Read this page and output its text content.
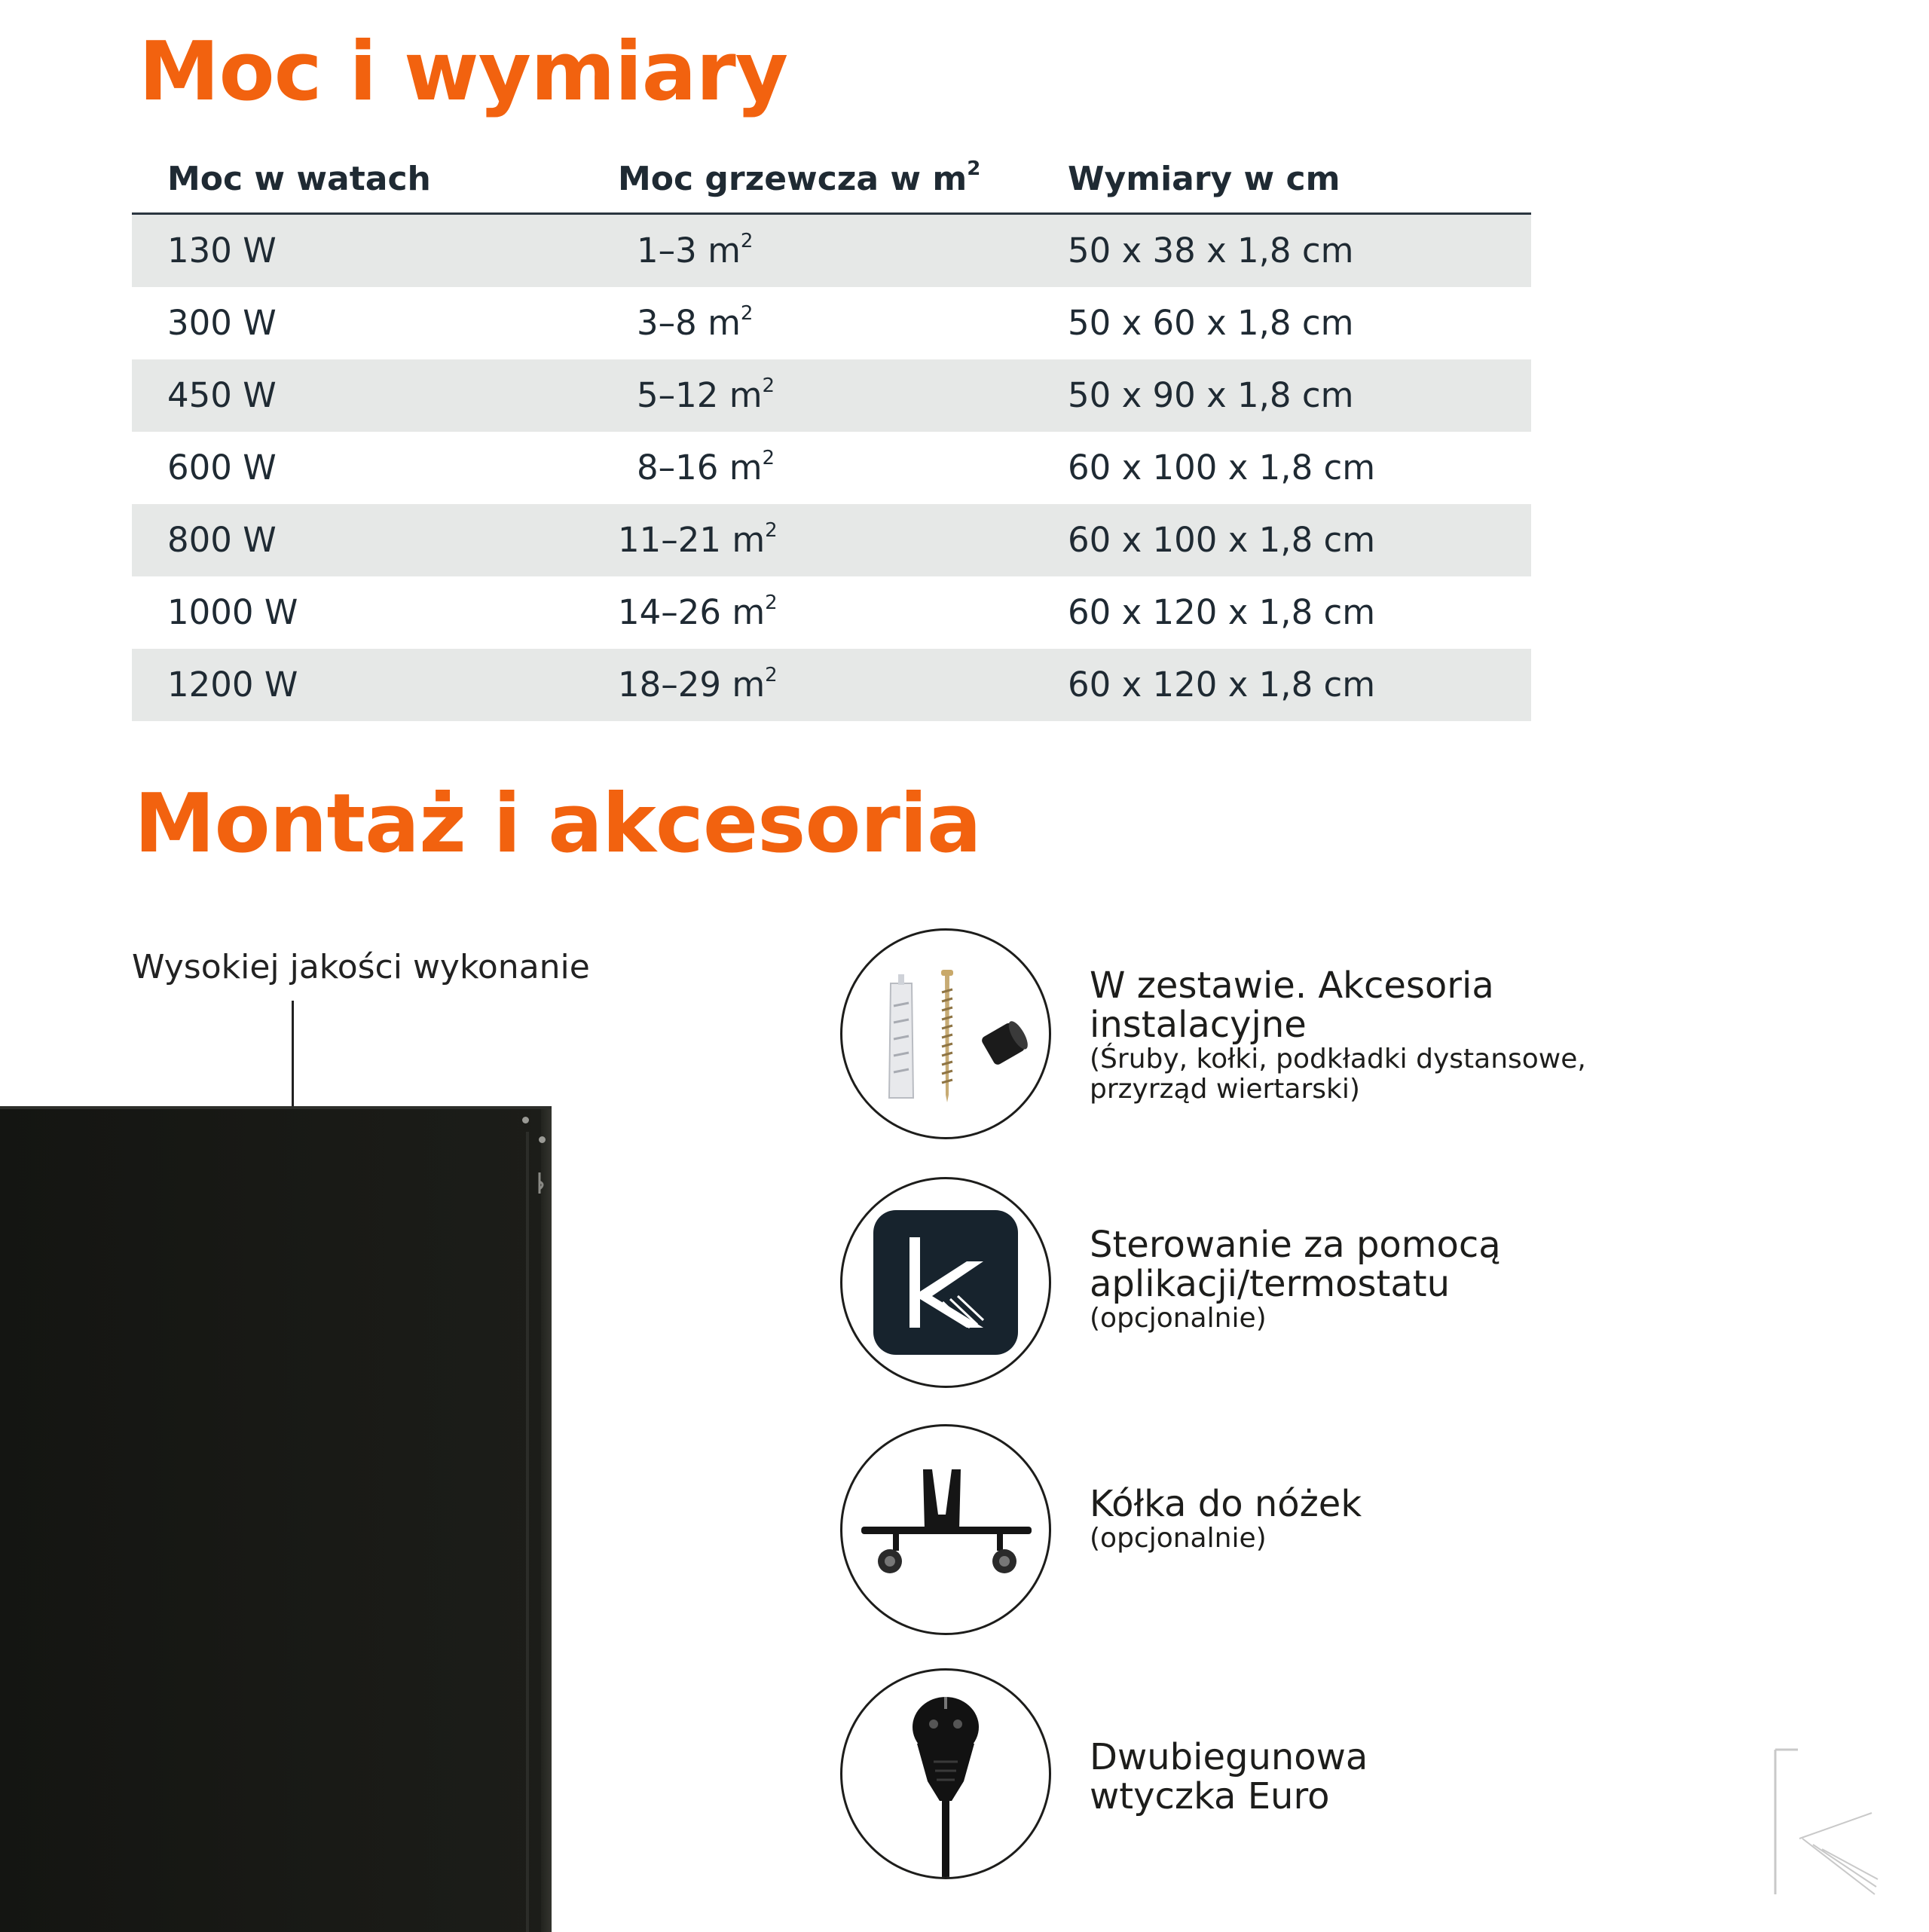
Moc i wymiary
Moc w watach	Moc grzewcza w $m^2$	Wymiary w cm
130 W	1–3 $m^2$	50 x 38 x 1,8 cm
300 W	3–8 $m^2$	50 x 60 x 1,8 cm
450 W	5–12 $m^2$	50 x 90 x 1,8 cm
600 W	8–16 $m^2$	60 x 100 x 1,8 cm
800 W	11–21 $m^2$	60 x 100 x 1,8 cm
1000 W	14–26 $m^2$	60 x 120 x 1,8 cm
1200 W	18–29 $m^2$	60 x 120 x 1,8 cm
Montaż i akcesoria
Wysokiej jakości wykonanie	W zestawie. Akcesoria
instalacyjne
(Śruby, kołki, podkładki dystansowe,
przyrząd wiertarski)
Sterowanie za pomocą
aplikacji/termostatu
(opcjonalnie)
Kółka do nóżek
(opcjonalnie)
Dwubiegunowa
wtyczka Euro
